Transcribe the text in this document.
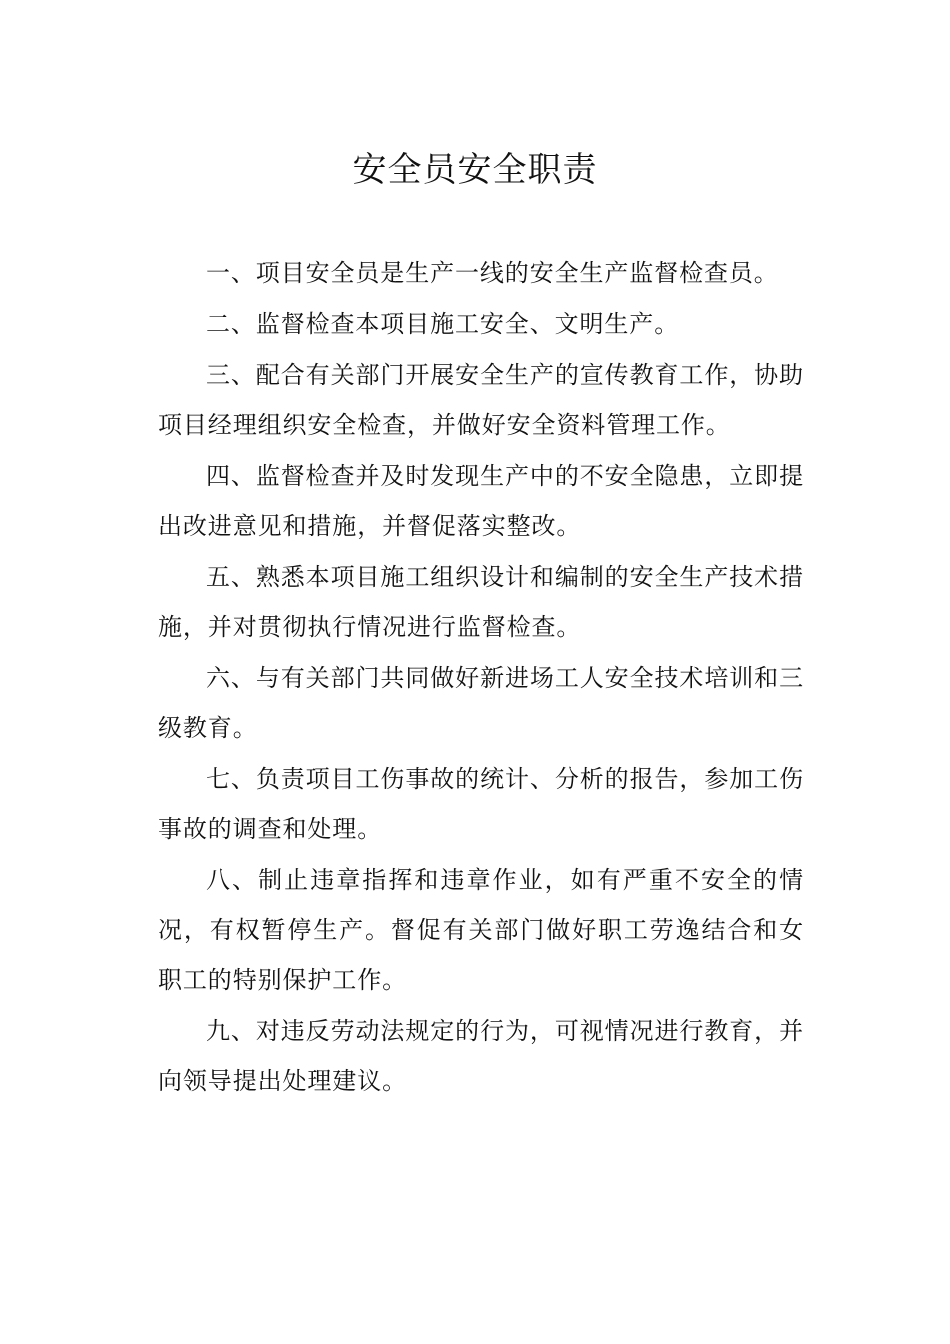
安全员安全职责

一、项目安全员是生产一线的安全生产监督检查员。

二、监督检查本项目施工安全、文明生产。

三、配合有关部门开展安全生产的宣传教育工作，协助项目经理组织安全检查，并做好安全资料管理工作。

四、监督检查并及时发现生产中的不安全隐患，立即提出改进意见和措施，并督促落实整改。

五、熟悉本项目施工组织设计和编制的安全生产技术措施，并对贯彻执行情况进行监督检查。

六、与有关部门共同做好新进场工人安全技术培训和三级教育。

七、负责项目工伤事故的统计、分析的报告，参加工伤事故的调查和处理。

八、制止违章指挥和违章作业，如有严重不安全的情况，有权暂停生产。督促有关部门做好职工劳逸结合和女职工的特别保护工作。

九、对违反劳动法规定的行为，可视情况进行教育，并向领导提出处理建议。
